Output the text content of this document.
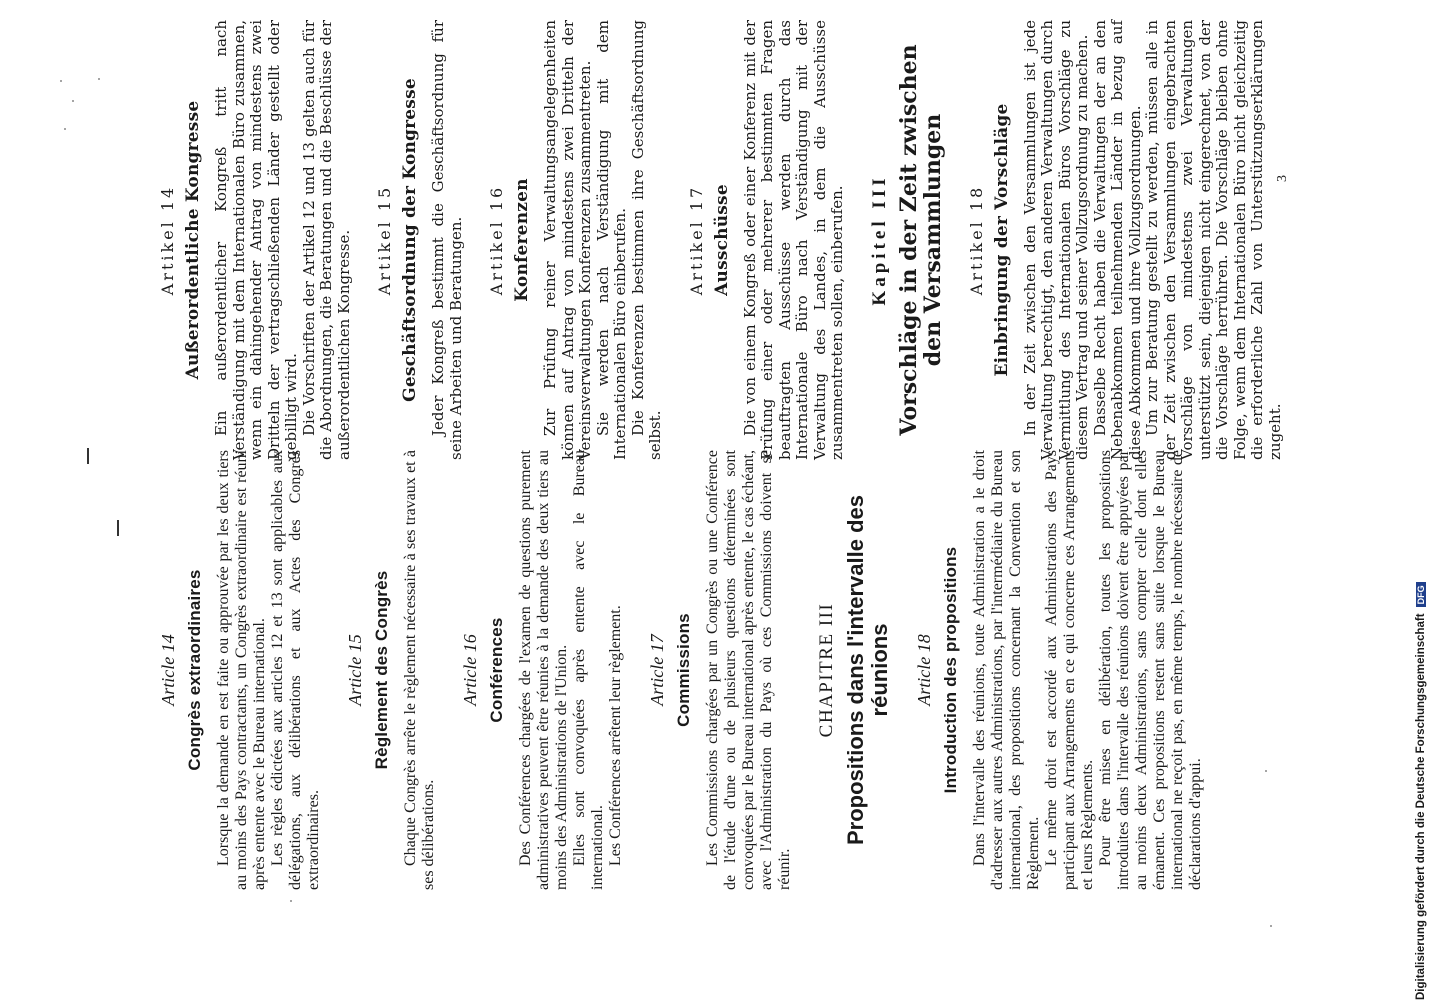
Article 14 Congrès extraordinaires Lorsque la demande en est faite ou approuvée par les deux tiers au moins des Pays contractants, un Congrès extraordinaire est réuni après entente avec le Bureau international. Les règles édictées aux articles 12 et 13 sont applicables aux délégations, aux délibérations et aux Actes des Congrès extraordinaires.

Article 15 Règlement des Congrès Chaque Congrès arrête le règlement nécessaire à ses travaux et à ses délibérations.

Article 16 Conférences Des Conférences chargées de l'examen de questions purement administratives peuvent être réunies à la demande des deux tiers au moins des Administrations de l'Union. Elles sont convoquées après entente avec le Bureau international. Les Conférences arrêtent leur règlement. Article 17 Commissions Les Commissions chargées par un Congrès ou une Conférence de l'étude d'une ou de plusieurs questions déterminées sont convoquées par le Bureau international après entente, le cas échéant, avec l'Administration du Pays où ces Commissions doivent se réunir.

CHAPITRE III Propositions dans l'intervalle des réunions Article 18 Introduction des propositions Dans l'intervalle des réunions, toute Administration a le droit d'adresser aux autres Administrations, par l'intermédiaire du Bureau international, des propositions concernant la Convention et son Règlement. Le même droit est accordé aux Administrations des Pays participant aux Arrangements en ce qui concerne ces Arrangements et leurs Règlements. Pour être mises en délibération, toutes les propositions introduites dans l'intervalle des réunions doivent être appuyées par au moins deux Administrations, sans compter celle dont elles émanent. Ces propositions restent sans suite lorsque le Bureau international ne reçoit pas, en même temps, le nombre nécessaire de déclarations d'appui.

Artikel 14 Außerordentliche Kongresse Ein außerordentlicher Kongreß tritt nach Verständigung mit dem Internationalen Büro zusammen, wenn ein dahingehender Antrag von mindestens zwei Dritteln der vertragschließenden Länder gestellt oder gebilligt wird. Die Vorschriften der Artikel 12 und 13 gelten auch für die Abordnungen, die Beratungen und die Beschlüsse der außerordentlichen Kongresse. Artikel 15 Geschäftsordnung der Kongresse Jeder Kongreß bestimmt die Geschäftsordnung für seine Arbeiten und Beratungen. Artikel 16 Konferenzen Zur Prüfung reiner Verwaltungsangelegenheiten können auf Antrag von mindestens zwei Dritteln der Vereinsverwaltungen Konferenzen zusammentreten. Sie werden nach Verständigung mit dem Internationalen Büro einberufen. Die Konferenzen bestimmen ihre Geschäftsordnung selbst.

Artikel 17 Ausschüsse Die von einem Kongreß oder einer Konferenz mit der Prüfung einer oder mehrerer bestimmten Fragen beauftragten Ausschüsse werden durch das Internationale Büro nach Verständigung mit der Verwaltung des Landes, in dem die Ausschüsse zusammentreten sollen, einberufen. Kapitel III Vorschläge in der Zeit zwischen den Versammlungen Artikel 18 Einbringung der Vorschläge In der Zeit zwischen den Versammlungen ist jede Verwaltung berechtigt, den anderen Verwaltungen durch Vermittlung des Internationalen Büros Vorschläge zu diesem Vertrag und seiner Vollzugsordnung zu machen. Dasselbe Recht haben die Verwaltungen der an den Nebenabkommen teilnehmenden Länder in bezug auf diese Abkommen und ihre Vollzugsordnungen. Um zur Beratung gestellt zu werden, müssen alle in der Zeit zwischen den Versammlungen eingebrachten Vorschläge von mindestens zwei Verwaltungen unterstützt sein, diejenigen nicht eingerechnet, von der die Vorschläge herrühren. Die Vorschläge bleiben ohne Folge, wenn dem Internationalen Büro nicht gleichzeitig die erforderliche Zahl von Unterstützungserklärungen zugeht.

3
Digitalisierung gefördert durch die Deutsche ForschungsgemeinschaftDFG
